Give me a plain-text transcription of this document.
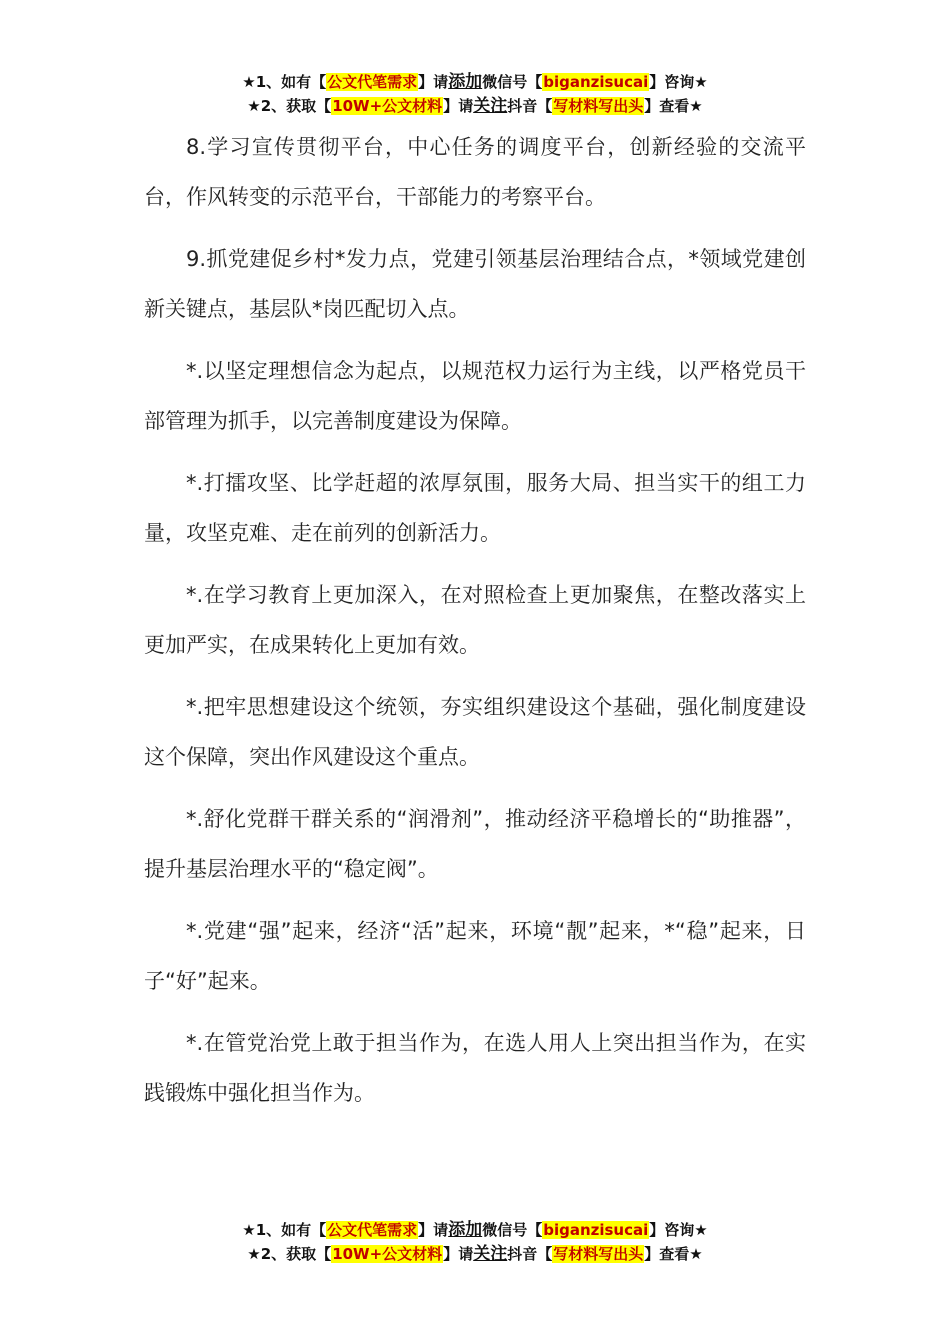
★1、如有【公文代笔需求】请添加微信号【biganzisucai】咨询★
★2、获取【10W+公文材料】请关注抖音【写材料写出头】查看★

8.学习宣传贯彻平台，中心任务的调度平台，创新经验的交流平台，作风转变的示范平台，干部能力的考察平台。

9.抓党建促乡村*发力点，党建引领基层治理结合点，*领域党建创新关键点，基层队*岗匹配切入点。

*.以坚定理想信念为起点，以规范权力运行为主线，以严格党员干部管理为抓手，以完善制度建设为保障。

*.打擂攻坚、比学赶超的浓厚氛围，服务大局、担当实干的组工力量，攻坚克难、走在前列的创新活力。

*.在学习教育上更加深入，在对照检查上更加聚焦，在整改落实上更加严实，在成果转化上更加有效。

*.把牢思想建设这个统领，夯实组织建设这个基础，强化制度建设这个保障，突出作风建设这个重点。

*.舒化党群干群关系的“润滑剂”，推动经济平稳增长的“助推器”，提升基层治理水平的“稳定阀”。

*.党建“强”起来，经济“活”起来，环境“靓”起来，*“稳”起来，日子“好”起来。

*.在管党治党上敢于担当作为，在选人用人上突出担当作为，在实践锻炼中强化担当作为。

★1、如有【公文代笔需求】请添加微信号【biganzisucai】咨询★
★2、获取【10W+公文材料】请关注抖音【写材料写出头】查看★
